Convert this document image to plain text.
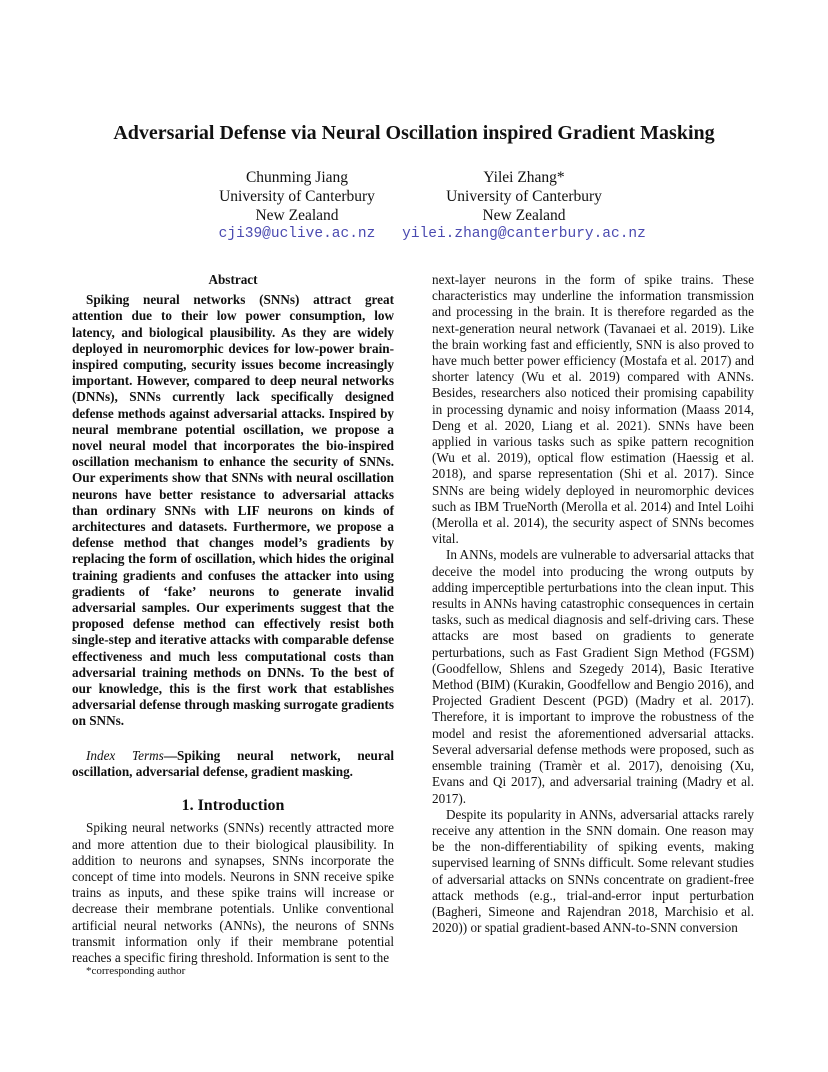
Adversarial Defense via Neural Oscillation inspired Gradient Masking
Chunming Jiang
University of Canterbury
New Zealand
cji39@uclive.ac.nz
Yilei Zhang*
University of Canterbury
New Zealand
yilei.zhang@canterbury.ac.nz
Abstract

Spiking neural networks (SNNs) attract great attention due to their low power consumption, low latency, and biological plausibility. As they are widely deployed in neuromorphic devices for low-power brain-inspired computing, security issues become increasingly important. However, compared to deep neural networks (DNNs), SNNs currently lack specifically designed defense methods against adversarial attacks. Inspired by neural membrane potential oscillation, we propose a novel neural model that incorporates the bio-inspired oscillation mechanism to enhance the security of SNNs. Our experiments show that SNNs with neural oscillation neurons have better resistance to adversarial attacks than ordinary SNNs with LIF neurons on kinds of architectures and datasets. Furthermore, we propose a defense method that changes model’s gradients by replacing the form of oscillation, which hides the original training gradients and confuses the attacker into using gradients of ‘fake’ neurons to generate invalid adversarial samples. Our experiments suggest that the proposed defense method can effectively resist both single-step and iterative attacks with comparable defense effectiveness and much less computational costs than adversarial training methods on DNNs. To the best of our knowledge, this is the first work that establishes adversarial defense through masking surrogate gradients on SNNs.

Index Terms—Spiking neural network, neural oscillation, adversarial defense, gradient masking.

1. Introduction

Spiking neural networks (SNNs) recently attracted more and more attention due to their biological plausibility. In addition to neurons and synapses, SNNs incorporate the concept of time into models. Neurons in SNN receive spike trains as inputs, and these spike trains will increase or decrease their membrane potentials. Unlike conventional artificial neural networks (ANNs), the neurons of SNNs transmit information only if their membrane potential reaches a specific firing threshold. Information is sent to the

next-layer neurons in the form of spike trains. These characteristics may underline the information transmission and processing in the brain. It is therefore regarded as the next-generation neural network (Tavanaei et al. 2019). Like the brain working fast and efficiently, SNN is also proved to have much better power efficiency (Mostafa et al. 2017) and shorter latency (Wu et al. 2019) compared with ANNs. Besides, researchers also noticed their promising capability in processing dynamic and noisy information (Maass 2014, Deng et al. 2020, Liang et al. 2021). SNNs have been applied in various tasks such as spike pattern recognition (Wu et al. 2019), optical flow estimation (Haessig et al. 2018), and sparse representation (Shi et al. 2017). Since SNNs are being widely deployed in neuromorphic devices such as IBM TrueNorth (Merolla et al. 2014) and Intel Loihi (Merolla et al. 2014), the security aspect of SNNs becomes vital.

In ANNs, models are vulnerable to adversarial attacks that deceive the model into producing the wrong outputs by adding imperceptible perturbations into the clean input. This results in ANNs having catastrophic consequences in certain tasks, such as medical diagnosis and self-driving cars. These attacks are most based on gradients to generate perturbations, such as Fast Gradient Sign Method (FGSM) (Goodfellow, Shlens and Szegedy 2014), Basic Iterative Method (BIM) (Kurakin, Goodfellow and Bengio 2016), and Projected Gradient Descent (PGD) (Madry et al. 2017). Therefore, it is important to improve the robustness of the model and resist the aforementioned adversarial attacks. Several adversarial defense methods were proposed, such as ensemble training (Tramèr et al. 2017), denoising (Xu, Evans and Qi 2017), and adversarial training (Madry et al. 2017).

Despite its popularity in ANNs, adversarial attacks rarely receive any attention in the SNN domain. One reason may be the non-differentiability of spiking events, making supervised learning of SNNs difficult. Some relevant studies of adversarial attacks on SNNs concentrate on gradient-free attack methods (e.g., trial-and-error input perturbation (Bagheri, Simeone and Rajendran 2018, Marchisio et al. 2020)) or spatial gradient-based ANN-to-SNN conversion

*corresponding author
